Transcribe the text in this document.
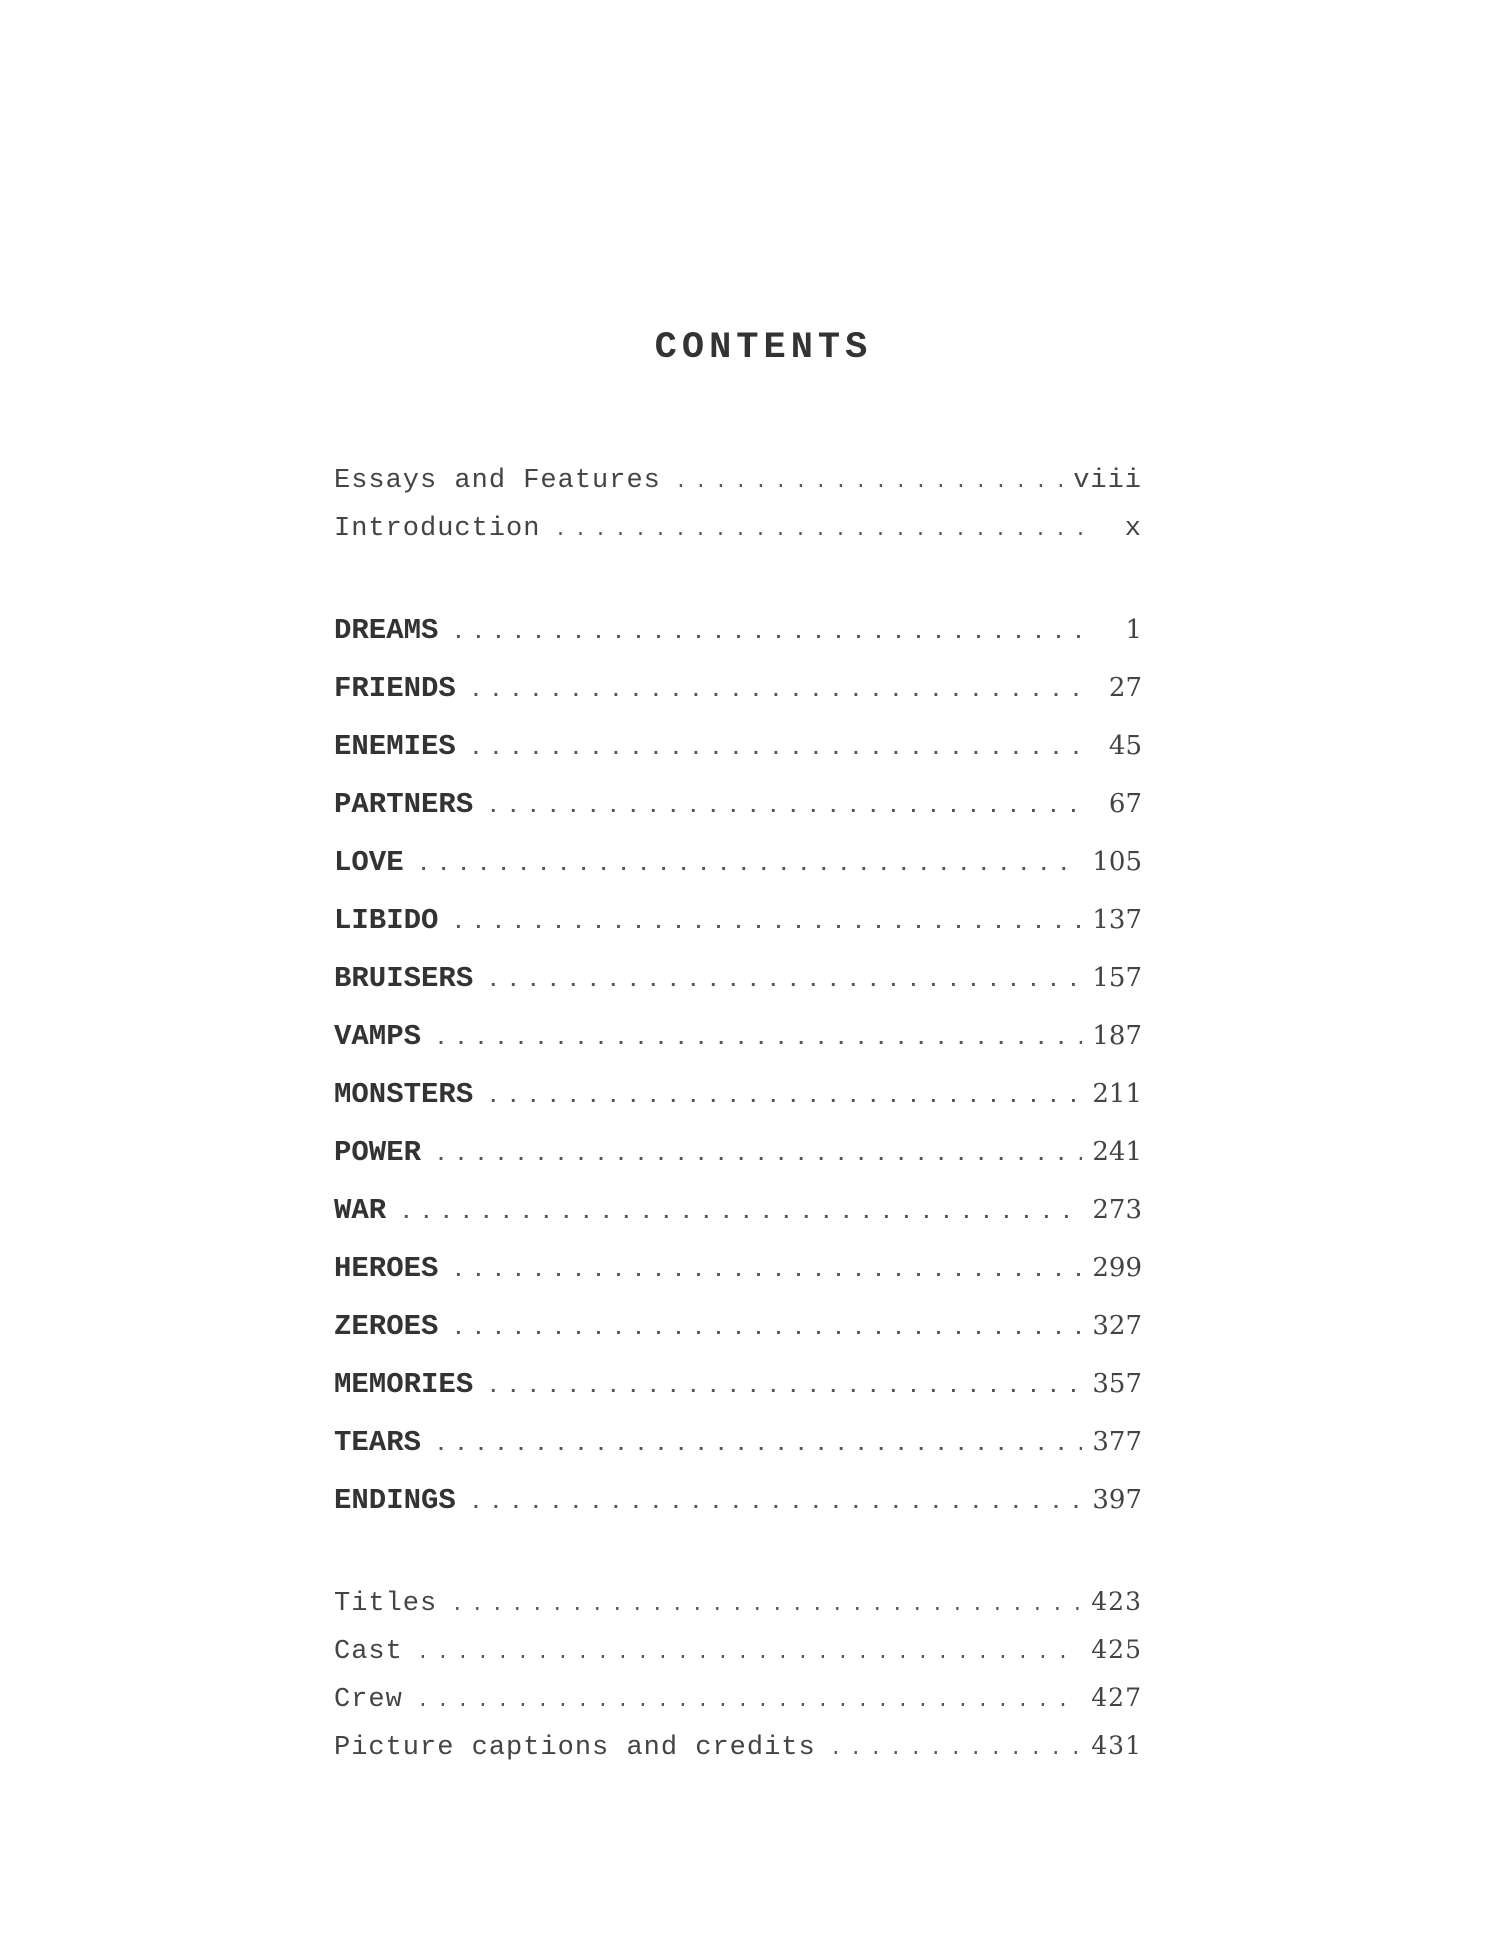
CONTENTS
Essays and Features . . .	viii
Introduction . . .	x
DREAMS . . .	1
FRIENDS . . .	27
ENEMIES . . .	45
PARTNERS . . .	67
LOVE . . .	105
LIBIDO . . .	137
BRUISERS . . .	157
VAMPS . . .	187
MONSTERS . . .	211
POWER . . .	241
WAR . . .	273
HEROES . . .	299
ZEROES . . .	327
MEMORIES . . .	357
TEARS . . .	377
ENDINGS . . .	397
Titles . . .	423
Cast . . .	425
Crew . . .	427
Picture captions and credits . . .	431
